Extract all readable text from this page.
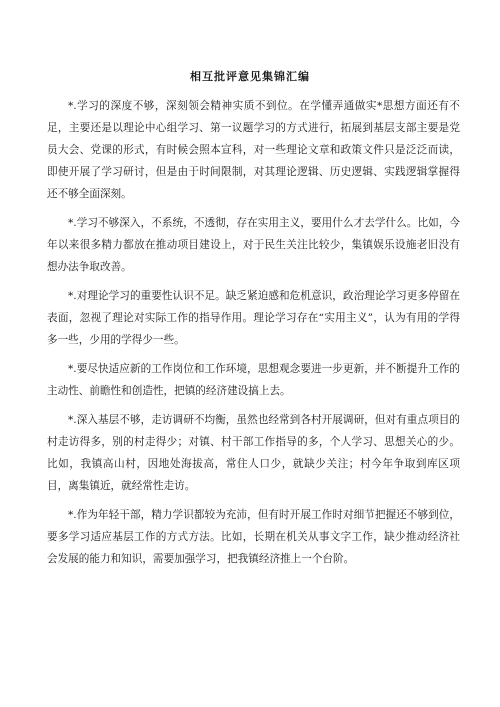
相互批评意见集锦汇编

*.学习的深度不够，深刻领会精神实质不到位。在学懂弄通做实*思想方面还有不足，主要还是以理论中心组学习、第一议题学习的方式进行，拓展到基层支部主要是党员大会、党课的形式，有时候会照本宣科，对一些理论文章和政策文件只是泛泛而读，即使开展了学习研讨，但是由于时间限制，对其理论逻辑、历史逻辑、实践逻辑掌握得还不够全面深刻。

*.学习不够深入，不系统，不透彻，存在实用主义，要用什么才去学什么。比如，今年以来很多精力都放在推动项目建设上，对于民生关注比较少，集镇娱乐设施老旧没有想办法争取改善。

*.对理论学习的重要性认识不足。缺乏紧迫感和危机意识，政治理论学习更多停留在表面，忽视了理论对实际工作的指导作用。理论学习存在“实用主义”，认为有用的学得多一些，少用的学得少一些。

*.要尽快适应新的工作岗位和工作环境，思想观念要进一步更新，并不断提升工作的主动性、前瞻性和创造性，把镇的经济建设搞上去。

*.深入基层不够，走访调研不均衡，虽然也经常到各村开展调研，但对有重点项目的村走访得多，别的村走得少；对镇、村干部工作指导的多，个人学习、思想关心的少。比如，我镇高山村，因地处海拔高，常住人口少，就缺少关注；村今年争取到库区项目，离集镇近，就经常性走访。

*.作为年轻干部，精力学识都较为充沛，但有时开展工作时对细节把握还不够到位，要多学习适应基层工作的方式方法。比如，长期在机关从事文字工作，缺少推动经济社会发展的能力和知识，需要加强学习，把我镇经济推上一个台阶。
